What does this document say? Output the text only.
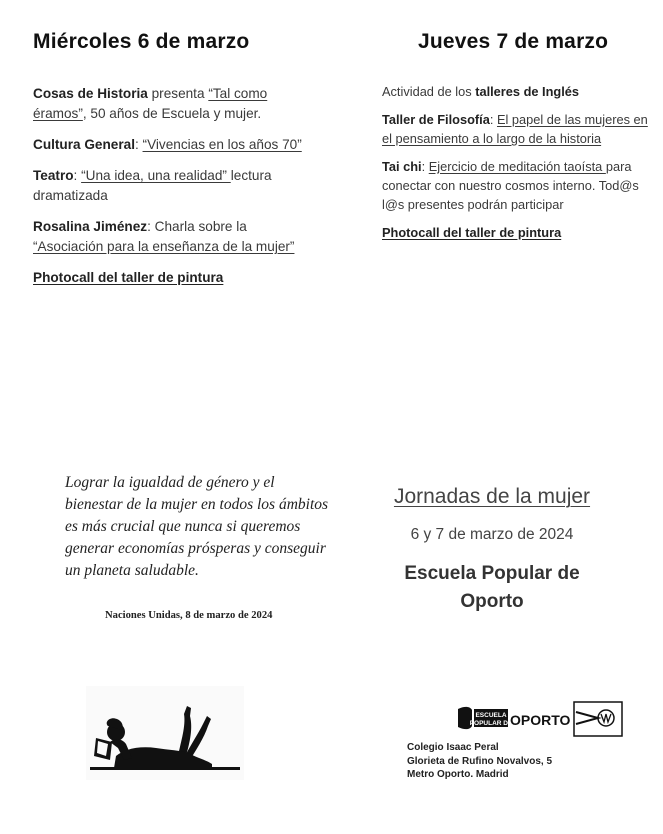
Miércoles 6 de marzo

Cosas de Historia presenta “Tal como éramos”, 50 años de Escuela y mujer.

Cultura General: “Vivencias en los años 70”

Teatro: “Una idea, una realidad” lectura dramatizada

Rosalina Jiménez: Charla sobre la “Asociación para la enseñanza de la mujer”

Photocall del taller de pintura

Jueves 7 de marzo

Actividad de los talleres de Inglés

Taller de Filosofía: El papel de las mujeres en el pensamiento a lo largo de la historia

Tai chi: Ejercicio de meditación taoísta para conectar con nuestro cosmos interno. Tod@s l@s presentes podrán participar

Photocall del taller de pintura

Lograr la igualdad de género y el bienestar de la mujer en todos los ámbitos es más crucial que nunca si queremos generar economías prósperas y conseguir un planeta saludable.
Naciones Unidas, 8 de marzo de 2024
Jornadas de la mujer
6 y 7 de marzo de 2024
Escuela Popular de Oporto
ESCUELA
POPULAR DE
OPORTO
Colegio Isaac Peral
Glorieta de Rufino Novalvos, 5
Metro Oporto. Madrid
